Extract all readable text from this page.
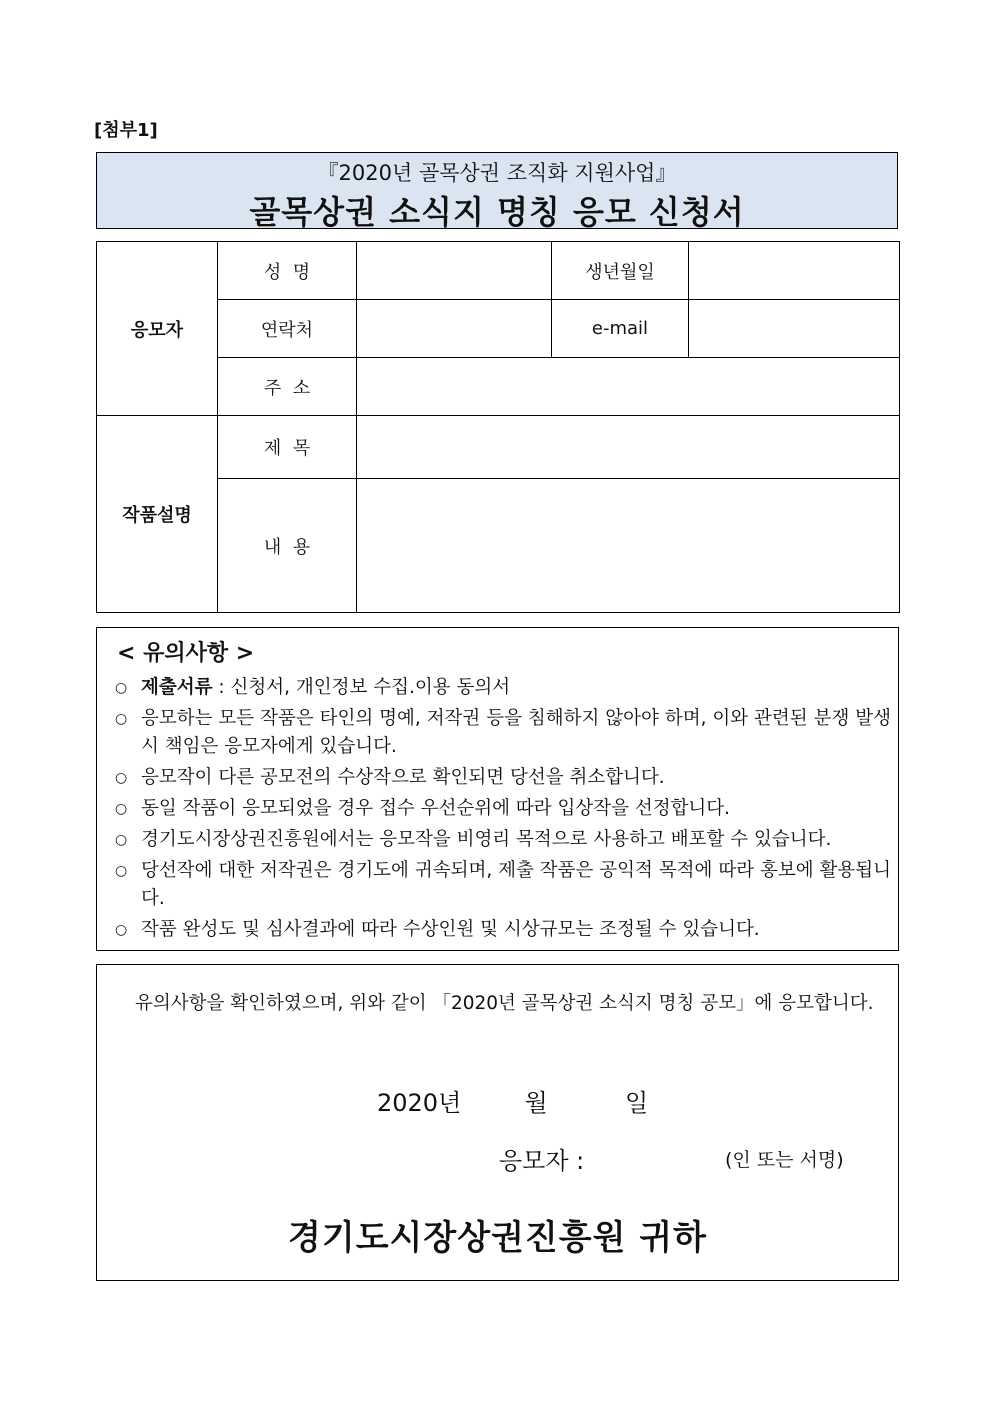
[첨부1]
『2020년 골목상권 조직화 지원사업』
골목상권 소식지 명칭 응모 신청서
응모자	성  명		생년월일	
	연락처		e-mail	
	주  소			
작품설명	제  목			
	내  용			
< 유의사항 >
○ 제출서류 : 신청서, 개인정보 수집.이용 동의서
○ 응모하는 모든 작품은 타인의 명예, 저작권 등을 침해하지 않아야 하며, 이와 관련된 분쟁 발생시 책임은 응모자에게 있습니다.
○ 응모작이 다른 공모전의 수상작으로 확인되면 당선을 취소합니다.
○ 동일 작품이 응모되었을 경우 접수 우선순위에 따라 입상작을 선정합니다.
○ 경기도시장상권진흥원에서는 응모작을 비영리 목적으로 사용하고 배포할 수 있습니다.
○ 당선작에 대한 저작권은 경기도에 귀속되며, 제출 작품은 공익적 목적에 따라 홍보에 활용됩니다.
○ 작품 완성도 및 심사결과에 따라 수상인원 및 시상규모는 조정될 수 있습니다.
유의사항을 확인하였으며, 위와 같이 「2020년 골목상권 소식지 명칭 공모」에 응모합니다.
2020년	월	일
응모자 :	(인 또는 서명)
경기도시장상권진흥원 귀하
